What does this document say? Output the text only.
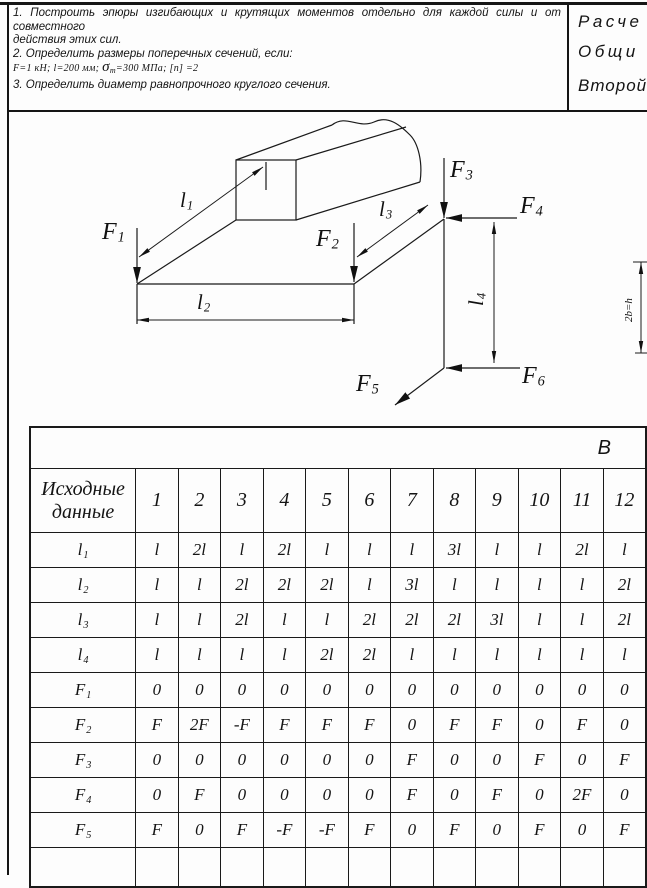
1. Построить эпюры изгибающих и крутящих моментов отдельно для каждой силы и от совместного
действия этих сил.
2. Определить размеры поперечных сечений, если:
F=1 кН; l=200 мм; $\sigma_т=300$ МПа; [n] =2
3. Определить диаметр равнопрочного круглого сечения.
Расче
Общи
Второй
F1	F2
F3
F4
F5
F6
l1
l2
l3
l4
2b=h
В												

Исходные
данные	1	2	3	4	5	6	7	8	9	10	11	12
$l_1$	l	2l	l	2l	l	l	l	3l	l	l	2l	l
$l_2$	l	l	2l	2l	2l	l	3l	l	l	l	l	2l
$l_3$	l	l	2l	l	l	2l	2l	2l	3l	l	l	2l
$l_4$	l	l	l	l	2l	2l	l	l	l	l	l	l
$F_1$	0	0	0	0	0	0	0	0	0	0	0	0
$F_2$	F	2F	-F	F	F	F	0	F	F	0	F	0
$F_3$	0	0	0	0	0	0	F	0	0	F	0	F
$F_4$	0	F	0	0	0	0	F	0	F	0	2F	0
$F_5$	F	0	F	-F	-F	F	0	F	0	F	0	F
